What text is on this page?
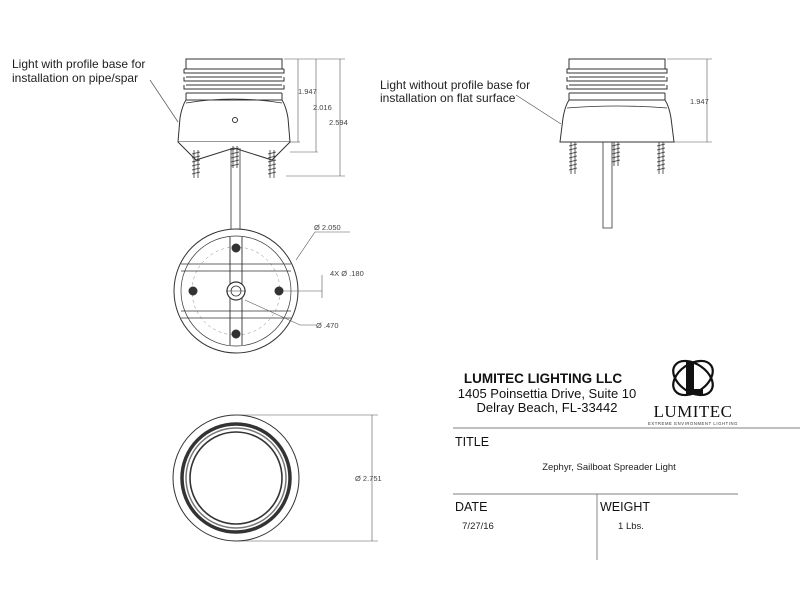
1.947
2.016
2.594
Light with profile base for
installation on pipe/spar
1.947
Light without profile base for
installation on flat surface
Ø 2.050
4X Ø .180
Ø .470
Ø 2.751
LUMITEC LIGHTING LLC
1405 Poinsettia Drive, Suite 10
Delray Beach, FL-33442 LUMITEC
EXTREME ENVIRONMENT LIGHTING
TITLE
Zephyr, Sailboat Spreader Light
DATE
7/27/16
WEIGHT
1 Lbs.
